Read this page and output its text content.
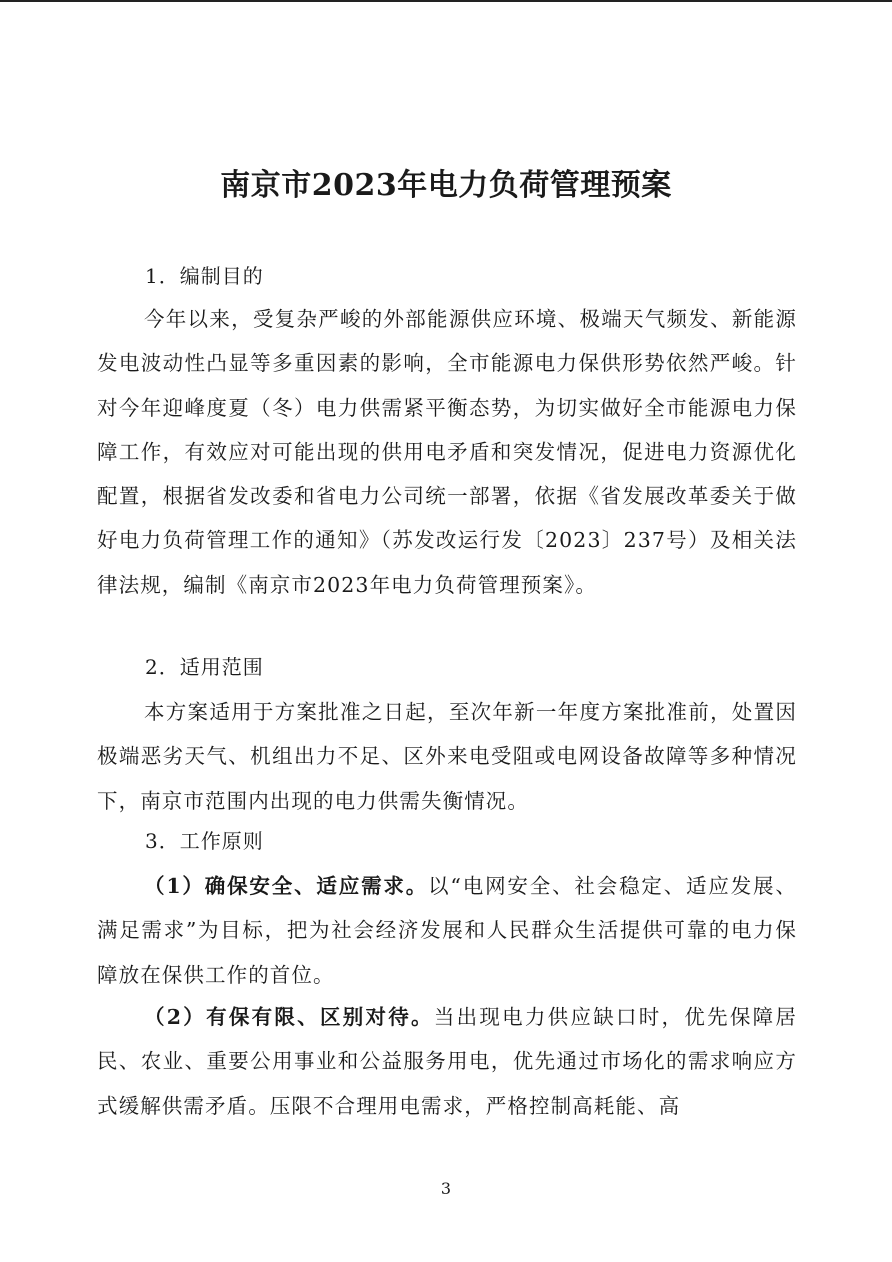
南京市2023年电力负荷管理预案
1．编制目的

今年以来，受复杂严峻的外部能源供应环境、极端天气频发、新能源发电波动性凸显等多重因素的影响，全市能源电力保供形势依然严峻。针对今年迎峰度夏（冬）电力供需紧平衡态势，为切实做好全市能源电力保障工作，有效应对可能出现的供用电矛盾和突发情况，促进电力资源优化配置，根据省发改委和省电力公司统一部署，依据《省发展改革委关于做好电力负荷管理工作的通知》（苏发改运行发〔2023〕237号）及相关法律法规，编制《南京市2023年电力负荷管理预案》。

2．适用范围

本方案适用于方案批准之日起，至次年新一年度方案批准前，处置因极端恶劣天气、机组出力不足、区外来电受阻或电网设备故障等多种情况下，南京市范围内出现的电力供需失衡情况。

3．工作原则

（1）确保安全、适应需求。以“电网安全、社会稳定、适应发展、满足需求”为目标，把为社会经济发展和人民群众生活提供可靠的电力保障放在保供工作的首位。

（2）有保有限、区别对待。当出现电力供应缺口时，优先保障居民、农业、重要公用事业和公益服务用电，优先通过市场化的需求响应方式缓解供需矛盾。压限不合理用电需求，严格控制高耗能、高

3
